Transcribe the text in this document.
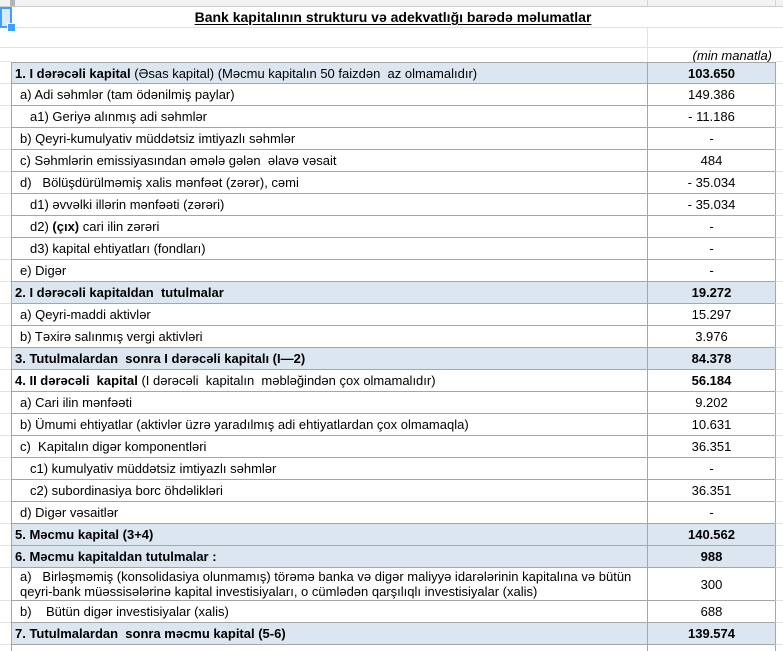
Bank kapitalının strukturu və adekvatlığı barədə məlumatlar
(min manatla)
1. I dərəcəli kapital (Əsas kapital) (Məcmu kapitalın 50 faizdən  az olmamalıdır)	103.650
a) Adi səhmlər (tam ödənilmiş paylar)	149.386
a1) Geriyə alınmış adi səhmlər	- 11.186
b) Qeyri-kumulyativ müddətsiz imtiyazlı səhmlər	-
c) Səhmlərin emissiyasından əmələ gələn  əlavə vəsait	484
d)   Bölüşdürülməmiş xalis mənfəət (zərər), cəmi	- 35.034
d1) əvvəlki illərin mənfəəti (zərəri)	- 35.034
d2) (çıx) cari ilin zərəri	-
d3) kapital ehtiyatları (fondları)	-
e) Digər	-
2. I dərəcəli kapitaldan  tutulmalar	19.272
a) Qeyri-maddi aktivlər	15.297
b) Təxirə salınmış vergi aktivləri	3.976
3. Tutulmalardan  sonra I dərəcəli kapitalı (I—2)	84.378
4. II dərəcəli  kapital (I dərəcəli  kapitalın  məbləğindən çox olmamalıdır)	56.184
a) Cari ilin mənfəəti	9.202
b) Ümumi ehtiyatlar (aktivlər üzrə yaradılmış adi ehtiyatlardan çox olmamaqla)	10.631
c)  Kapitalın digər komponentləri	36.351
c1) kumulyativ müddətsiz imtiyazlı səhmlər	-
c2) subordinasiya borc öhdəlikləri	36.351
d) Digər vəsaitlər	-
5. Məcmu kapital (3+4)	140.562
6. Məcmu kapitaldan tutulmalar :	988
a)   Birləşməmiş (konsolidasiya olunmamış) törəmə banka və digər maliyyə idarələrinin kapitalına və bütün qeyri-bank müəssisələrinə kapital investisiyaları, o cümlədən qarşılıqlı investisiyalar (xalis)	300
b)    Bütün digər investisiyalar (xalis)	688
7. Tutulmalardan  sonra məcmu kapital (5-6)	139.574
